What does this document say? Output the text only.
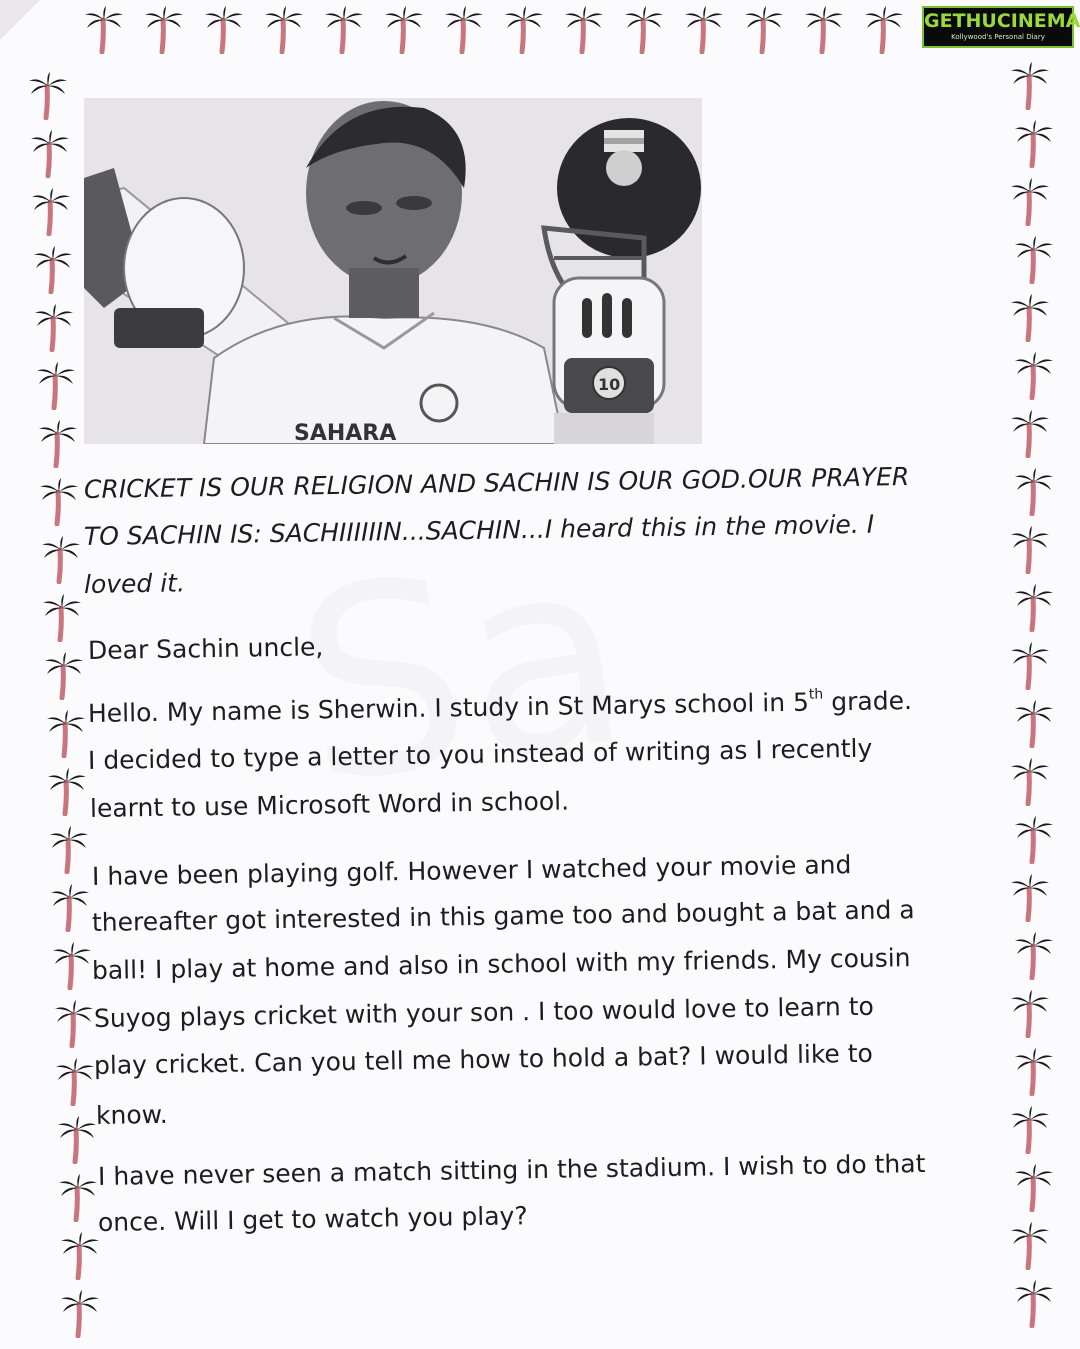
SAHARA
10
GETHUCINEMA
Kollywood's Personal Diary
CRICKET IS OUR RELIGION AND SACHIN IS OUR GOD.OUR PRAYER
TO SACHIN IS: SACHIIIIIIN...SACHIN...I heard this in the movie. I
loved it.
Dear Sachin uncle,
Hello. My name is Sherwin. I study in St Marys school in 5th grade.
I decided to type a letter to you instead of writing as I recently
learnt to use Microsoft Word in school.
I have been playing golf. However I watched your movie and
thereafter got interested in this game too and bought a bat and a
ball! I play at home and also in school with my friends. My cousin
Suyog plays cricket with your son . I too would love to learn to
play cricket. Can you tell me how to hold a bat? I would like to
know.
I have never seen a match sitting in the stadium. I wish to do that
once. Will I get to watch you play?
